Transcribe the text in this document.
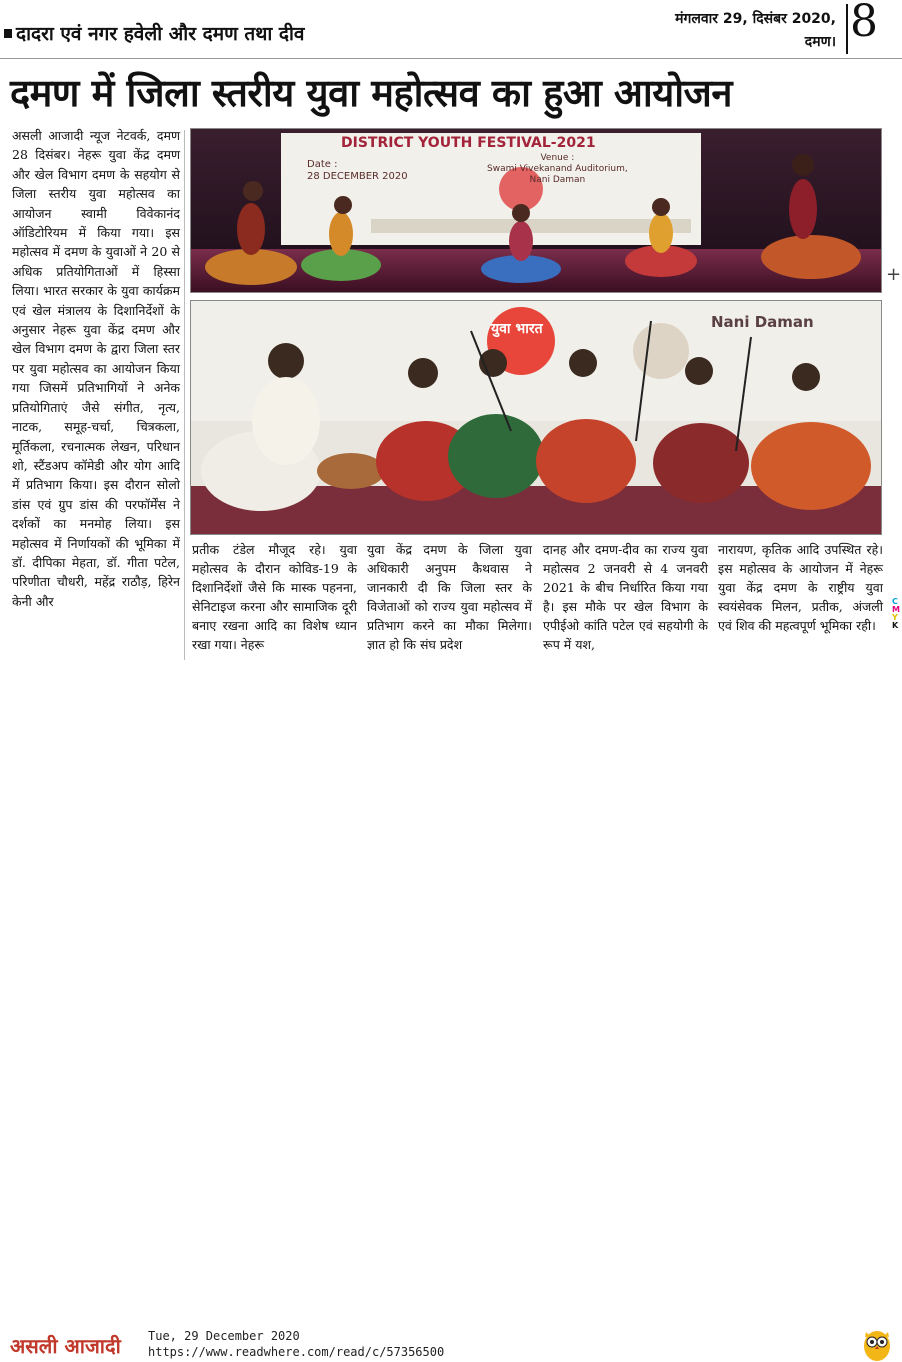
दादरा एवं नगर हवेली और दमण तथा दीव
मंगलवार 29, दिसंबर 2020,
दमण। 8
दमण में जिला स्तरीय युवा महोत्सव का हुआ आयोजन
असली आजादी न्यूज नेटवर्क, दमण 28 दिसंबर। नेहरू युवा केंद्र दमण और खेल विभाग दमण के सहयोग से जिला स्तरीय युवा महोत्सव का आयोजन स्वामी विवेकानंद ऑडिटोरियम में किया गया। इस महोत्सव में दमण के युवाओं ने 20 से अधिक प्रतियोगिताओं में हिस्सा लिया। भारत सरकार के युवा कार्यक्रम एवं खेल मंत्रालय के दिशानिर्देशों के अनुसार नेहरू युवा केंद्र दमण और खेल विभाग दमण के द्वारा जिला स्तर पर युवा महोत्सव का आयोजन किया गया जिसमें प्रतिभागियों ने अनेक प्रतियोगिताएं जैसे संगीत, नृत्य, नाटक, समूह-चर्चा, चित्रकला, मूर्तिकला, रचनात्मक लेखन, परिधान शो, स्टैंडअप कॉमेडी और योग आदि में प्रतिभाग किया। इस दौरान सोलो डांस एवं ग्रुप डांस की परफॉर्मेंस ने दर्शकों का मनमोह लिया। इस महोत्सव में निर्णायकों की भूमिका में डॉ. दीपिका मेहता, डॉ. गीता पटेल, परिणीता चौधरी, महेंद्र राठौड़, हिरेन केनी और
DISTRICT YOUTH FESTIVAL-2021
Date :
28 DECEMBER 2020
Venue :
Swami Vivekanand Auditorium,
Nani Daman
Nani Daman
युवा भारत
प्रतीक टंडेल मौजूद रहे। युवा महोत्सव के दौरान कोविड-19 के दिशानिर्देशों जैसे कि मास्क पहनना, सेनिटाइज करना और सामाजिक दूरी बनाए रखना आदि का विशेष ध्यान रखा गया। नेहरू
युवा केंद्र दमण के जिला युवा अधिकारी अनुपम कैथवास ने जानकारी दी कि जिला स्तर के विजेताओं को राज्य युवा महोत्सव में प्रतिभाग करने का मौका मिलेगा। ज्ञात हो कि संघ प्रदेश
दानह और दमण-दीव का राज्य युवा महोत्सव 2 जनवरी से 4 जनवरी 2021 के बीच निर्धारित किया गया है। इस मौके पर खेल विभाग के एपीईओ कांति पटेल एवं सहयोगी के रूप में यश,
नारायण, कृतिक आदि उपस्थित रहे। इस महोत्सव के आयोजन में नेहरू युवा केंद्र दमण के राष्ट्रीय युवा स्वयंसेवक मिलन, प्रतीक, अंजली एवं शिव की महत्वपूर्ण भूमिका रही।
+
C
M
Y
K
असली आजादी Tue, 29 December 2020
https://www.readwhere.com/read/c/57356500
